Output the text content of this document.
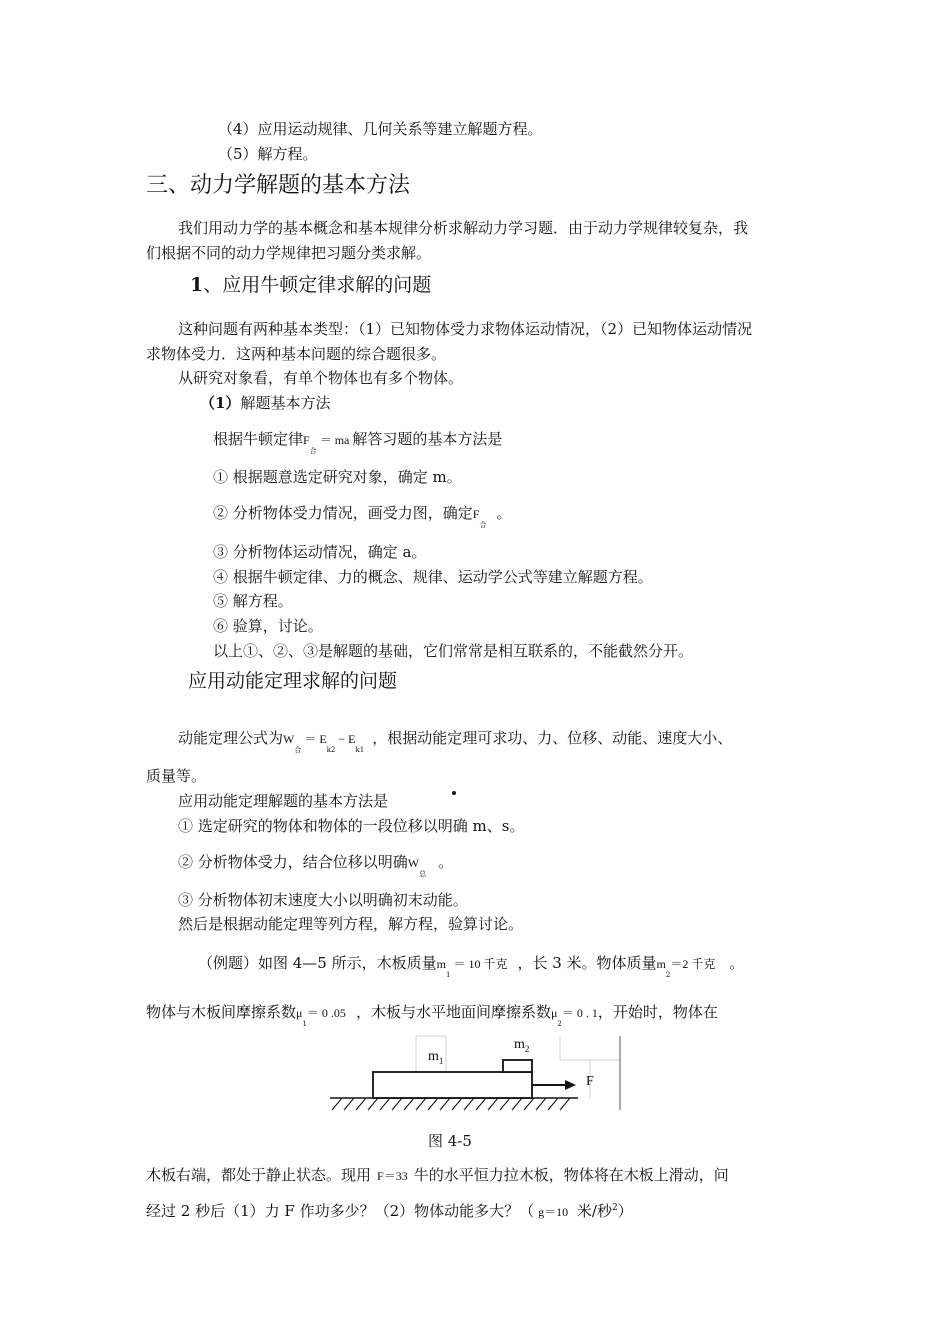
（4）应用运动规律、几何关系等建立解题方程。
（5）解方程。
三、动力学解题的基本方法
我们用动力学的基本概念和基本规律分析求解动力学习题．由于动力学规律较复杂，我
们根据不同的动力学规律把习题分类求解。
1、应用牛顿定律求解的问题
这种问题有两种基本类型：（1）已知物体受力求物体运动情况，（2）已知物体运动情况
求物体受力．这两种基本问题的综合题很多。
从研究对象看，有单个物体也有多个物体。
（1）解题基本方法
根据牛顿定律$F_合$ ＝ ma 解答习题的基本方法是
① 根据题意选定研究对象，确定 m。
② 分析物体受力情况，画受力图，确定$F_合$。
③ 分析物体运动情况，确定 a。
④ 根据牛顿定律、力的概念、规律、运动学公式等建立解题方程。
⑤ 解方程。
⑥ 验算，讨论。
以上①、②、③是解题的基础，它们常常是相互联系的，不能截然分开。
应用动能定理求解的问题
动能定理公式为$W_合 = E_{k2} - E_{k1}$，根据动能定理可求功、力、位移、动能、速度大小、
质量等。
应用动能定理解题的基本方法是
① 选定研究的物体和物体的一段位移以明确 m、s。
② 分析物体受力，结合位移以明确$W_总$。
③ 分析物体初末速度大小以明确初末动能。
然后是根据动能定理等列方程，解方程，验算讨论。
（例题）如图 4—5 所示，木板质量$m_1 = 10$ 千克 ，长 3 米。物体质量$m_2=2$ 千克 。
物体与木板间摩擦系数$\mu_1= 0$ .05 ，木板与水平地面间摩擦系数$\mu_2= 0$ . 1，开始时，物体在
$m_1$
$m_2$
F
图 4-5
木板右端，都处于静止状态。现用 F＝33 牛的水平恒力拉木板，物体将在木板上滑动，问
经过 2 秒后（1）力 F 作功多少？（2）物体动能多大？（ g＝10 米/秒$^2$）
